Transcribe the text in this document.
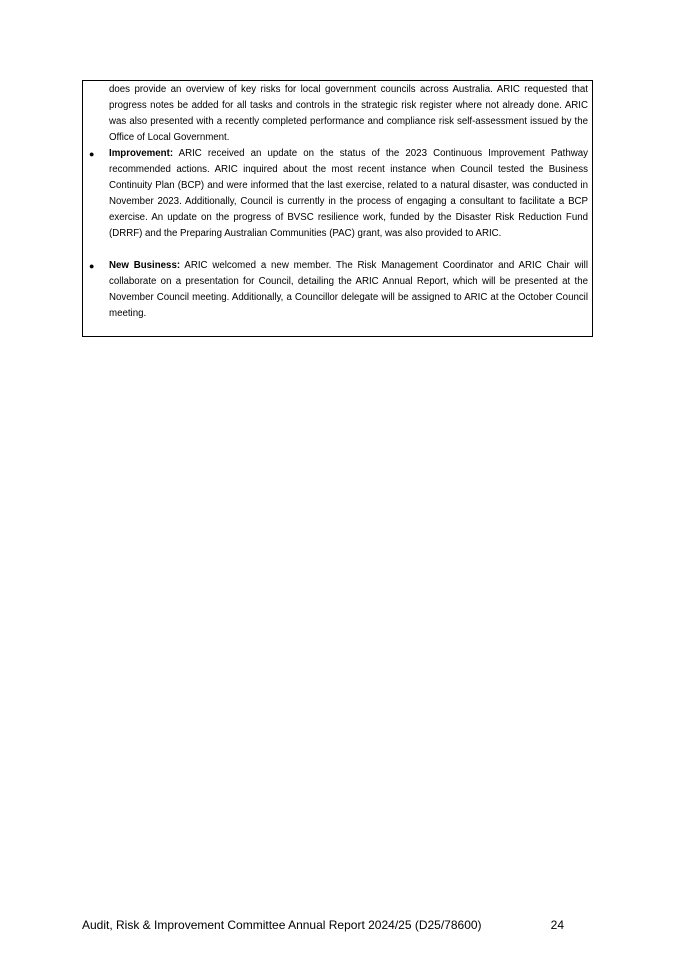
does provide an overview of key risks for local government councils across Australia. ARIC requested that progress notes be added for all tasks and controls in the strategic risk register where not already done. ARIC was also presented with a recently completed performance and compliance risk self-assessment issued by the Office of Local Government.

● Improvement: ARIC received an update on the status of the 2023 Continuous Improvement Pathway recommended actions. ARIC inquired about the most recent instance when Council tested the Business Continuity Plan (BCP) and were informed that the last exercise, related to a natural disaster, was conducted in November 2023. Additionally, Council is currently in the process of engaging a consultant to facilitate a BCP exercise. An update on the progress of BVSC resilience work, funded by the Disaster Risk Reduction Fund (DRRF) and the Preparing Australian Communities (PAC) grant, was also provided to ARIC.
● New Business: ARIC welcomed a new member. The Risk Management Coordinator and ARIC Chair will collaborate on a presentation for Council, detailing the ARIC Annual Report, which will be presented at the November Council meeting. Additionally, a Councillor delegate will be assigned to ARIC at the October Council meeting.
Audit, Risk & Improvement Committee Annual Report 2024/25 (D25/78600)	24
